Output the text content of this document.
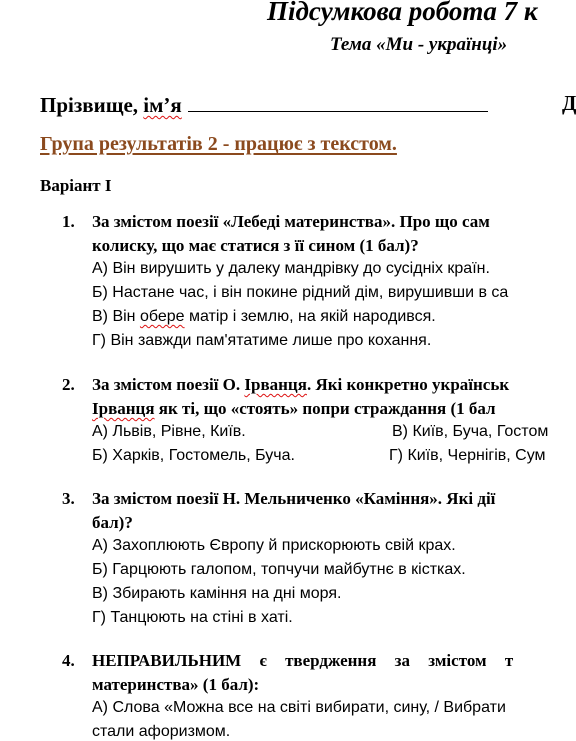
Підсумкова робота 7 к
Тема «Ми - українці»
Прізвище, ім’я	Д
Група результатів 2 - працює з текстом.
Варіант І
1. За змістом поезії «Лебеді материнства». Про що сам
колиску, що має статися з її сином (1 бал)?
А) Він вирушить у далеку мандрівку до сусідніх країн.
Б) Настане час, і він покине рідний дім, вирушивши в са
В) Він обере матір і землю, на якій народився.
Г) Він завжди пам'ятатиме лише про кохання.
2. За змістом поезії О. Ірванця. Які конкретно українськ
Ірванця як ті, що «стоять» попри страждання (1 бал
А) Львів, Рівне, Київ.	В) Київ, Буча, Гостом
Б) Харків, Гостомель, Буча.	Г) Київ, Чернігів, Сум
3. За змістом поезії Н. Мельниченко «Каміння». Які дії
бал)?
А) Захоплюють Європу й прискорюють свій крах.
Б) Гарцюють галопом, топчучи майбутнє в кістках.
В) Збирають каміння на дні моря.
Г) Танцюють на стіні в хаті.
4. НЕПРАВИЛЬНИМ є твердження за змістом т
материнства» (1 бал):
А) Слова «Можна все на світі вибирати, сину, / Вибрати
стали афоризмом.
